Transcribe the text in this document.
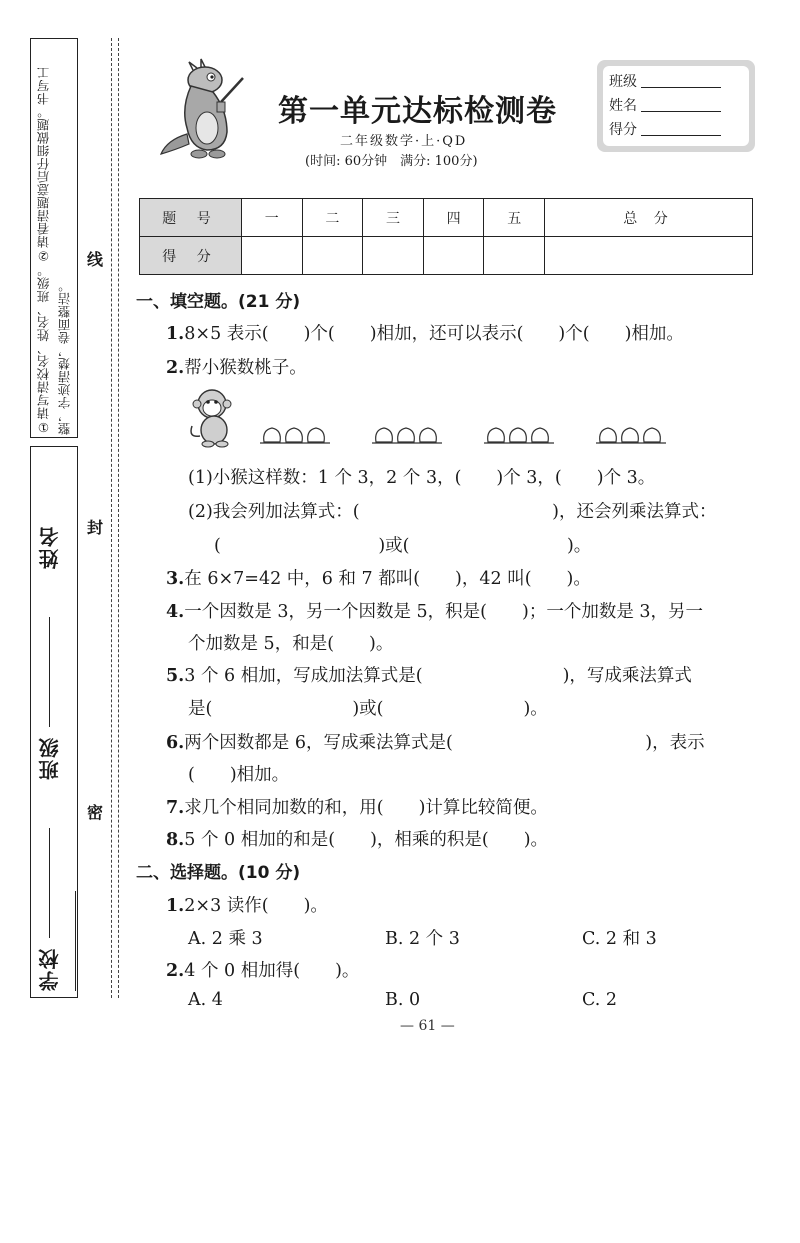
①请写清校名、姓名、班级。②请看清题意后仔细做题。书写工整，字迹清楚，卷面整洁。
学校   班级   姓名
密
封
线
第一单元达标检测卷
二年级数学·上·QD
(时间: 60分钟　满分: 100分)
班级
姓名
得分
题 号	一	二	三	四	五	总 分
得 分						
一、填空题。(21 分)
1.8×5 表示(　　)个(　　)相加，还可以表示(　　)个(　　)相加。
2.帮小猴数桃子。
(1)小猴这样数：1 个 3，2 个 3，(　　)个 3，(　　)个 3。
(2)我会列加法算式：(　　　　　　　　　　　)，还会列乘法算式：
(　　　　　　　　　)或(　　　　　　　　　)。
3.在 6×7=42 中，6 和 7 都叫(　　)，42 叫(　　)。
4.一个因数是 3，另一个因数是 5，积是(　　)；一个加数是 3，另一
个加数是 5，和是(　　)。
5.3 个 6 相加，写成加法算式是(　　　　　　　　)，写成乘法算式
是(　　　　　　　　)或(　　　　　　　　)。
6.两个因数都是 6，写成乘法算式是(　　　　　　　　　　　)，表示
(　　)相加。
7.求几个相同加数的和，用(　　)计算比较简便。
8.5 个 0 相加的和是(　　)，相乘的积是(　　)。
二、选择题。(10 分)
1.2×3 读作(　　)。
A. 2 乘 3	B. 2 个 3	C. 2 和 3
2.4 个 0 相加得(　　)。
A. 4	B. 0	C. 2
— 61 —
